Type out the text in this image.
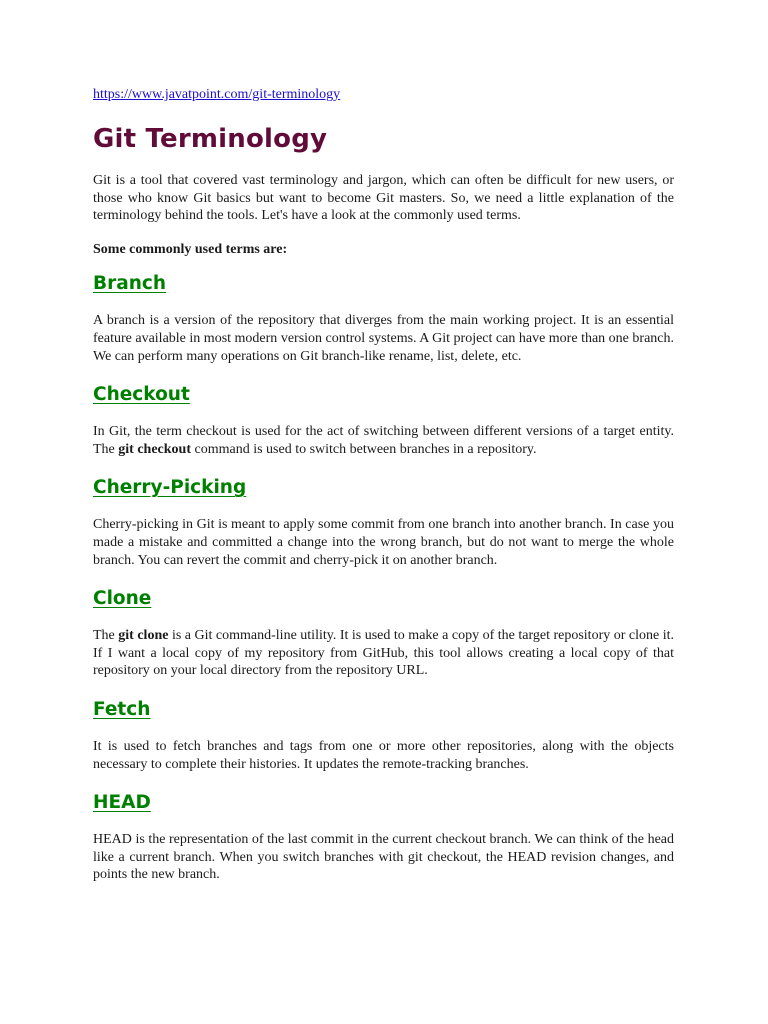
https://www.javatpoint.com/git-terminology
Git Terminology

Git is a tool that covered vast terminology and jargon, which can often be difficult for new users, or those who know Git basics but want to become Git masters. So, we need a little explanation of the terminology behind the tools. Let's have a look at the commonly used terms.

Some commonly used terms are:

Branch

A branch is a version of the repository that diverges from the main working project. It is an essential feature available in most modern version control systems. A Git project can have more than one branch. We can perform many operations on Git branch-like rename, list, delete, etc.

Checkout

In Git, the term checkout is used for the act of switching between different versions of a target entity. The git checkout command is used to switch between branches in a repository.

Cherry-Picking

Cherry-picking in Git is meant to apply some commit from one branch into another branch. In case you made a mistake and committed a change into the wrong branch, but do not want to merge the whole branch. You can revert the commit and cherry-pick it on another branch.

Clone

The git clone is a Git command-line utility. It is used to make a copy of the target repository or clone it. If I want a local copy of my repository from GitHub, this tool allows creating a local copy of that repository on your local directory from the repository URL.

Fetch

It is used to fetch branches and tags from one or more other repositories, along with the objects necessary to complete their histories. It updates the remote-tracking branches.

HEAD

HEAD is the representation of the last commit in the current checkout branch. We can think of the head like a current branch. When you switch branches with git checkout, the HEAD revision changes, and points the new branch.
